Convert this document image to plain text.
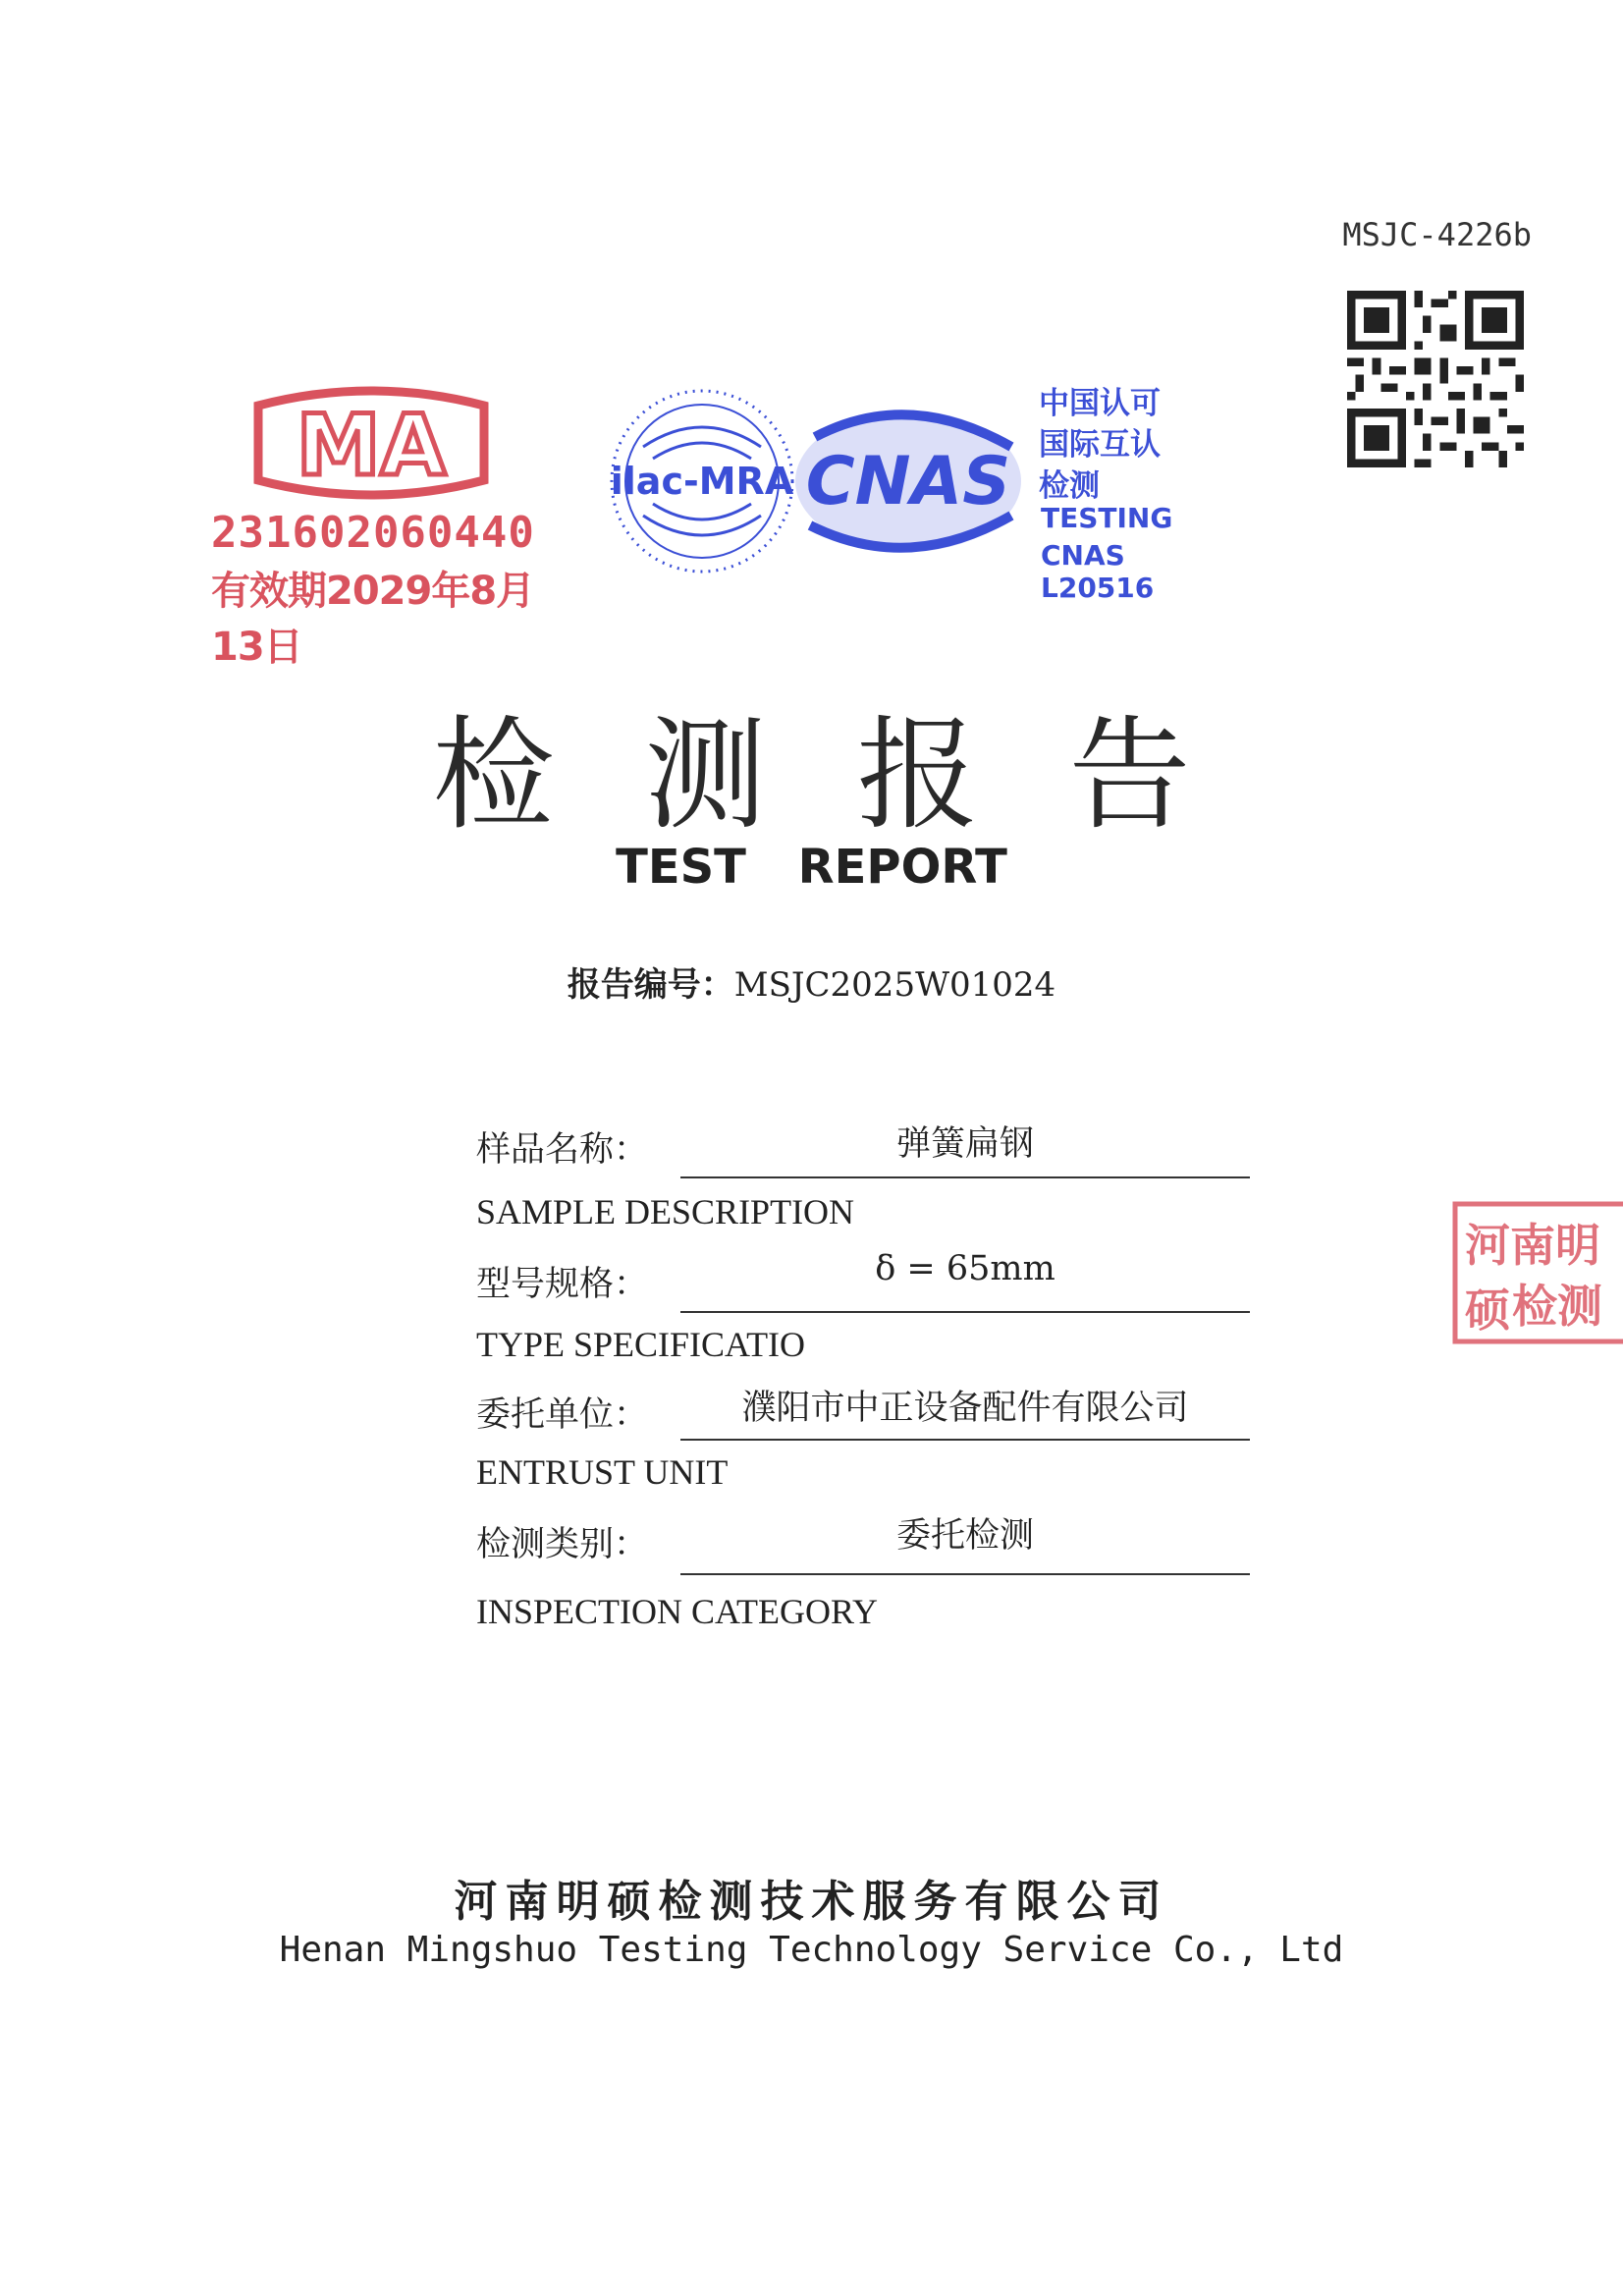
MSJC-4226b
MA
231602060440
有效期2029年8月13日
ilac-MRA CNAS
中国认可
国际互认
检测
TESTING
CNAS L20516
检测报告
TEST REPORT
报告编号：MSJC2025W01024
样品名称：	弹簧扁钢
SAMPLE DESCRIPTION
型号规格：	δ = 65mm
TYPE SPECIFICATIO
委托单位：	濮阳市中正设备配件有限公司
ENTRUST UNIT
检测类别：	委托检测
INSPECTION CATEGORY
河南明硕 检测
河南明硕检测技术服务有限公司
Henan Mingshuo Testing Technology Service Co., Ltd
